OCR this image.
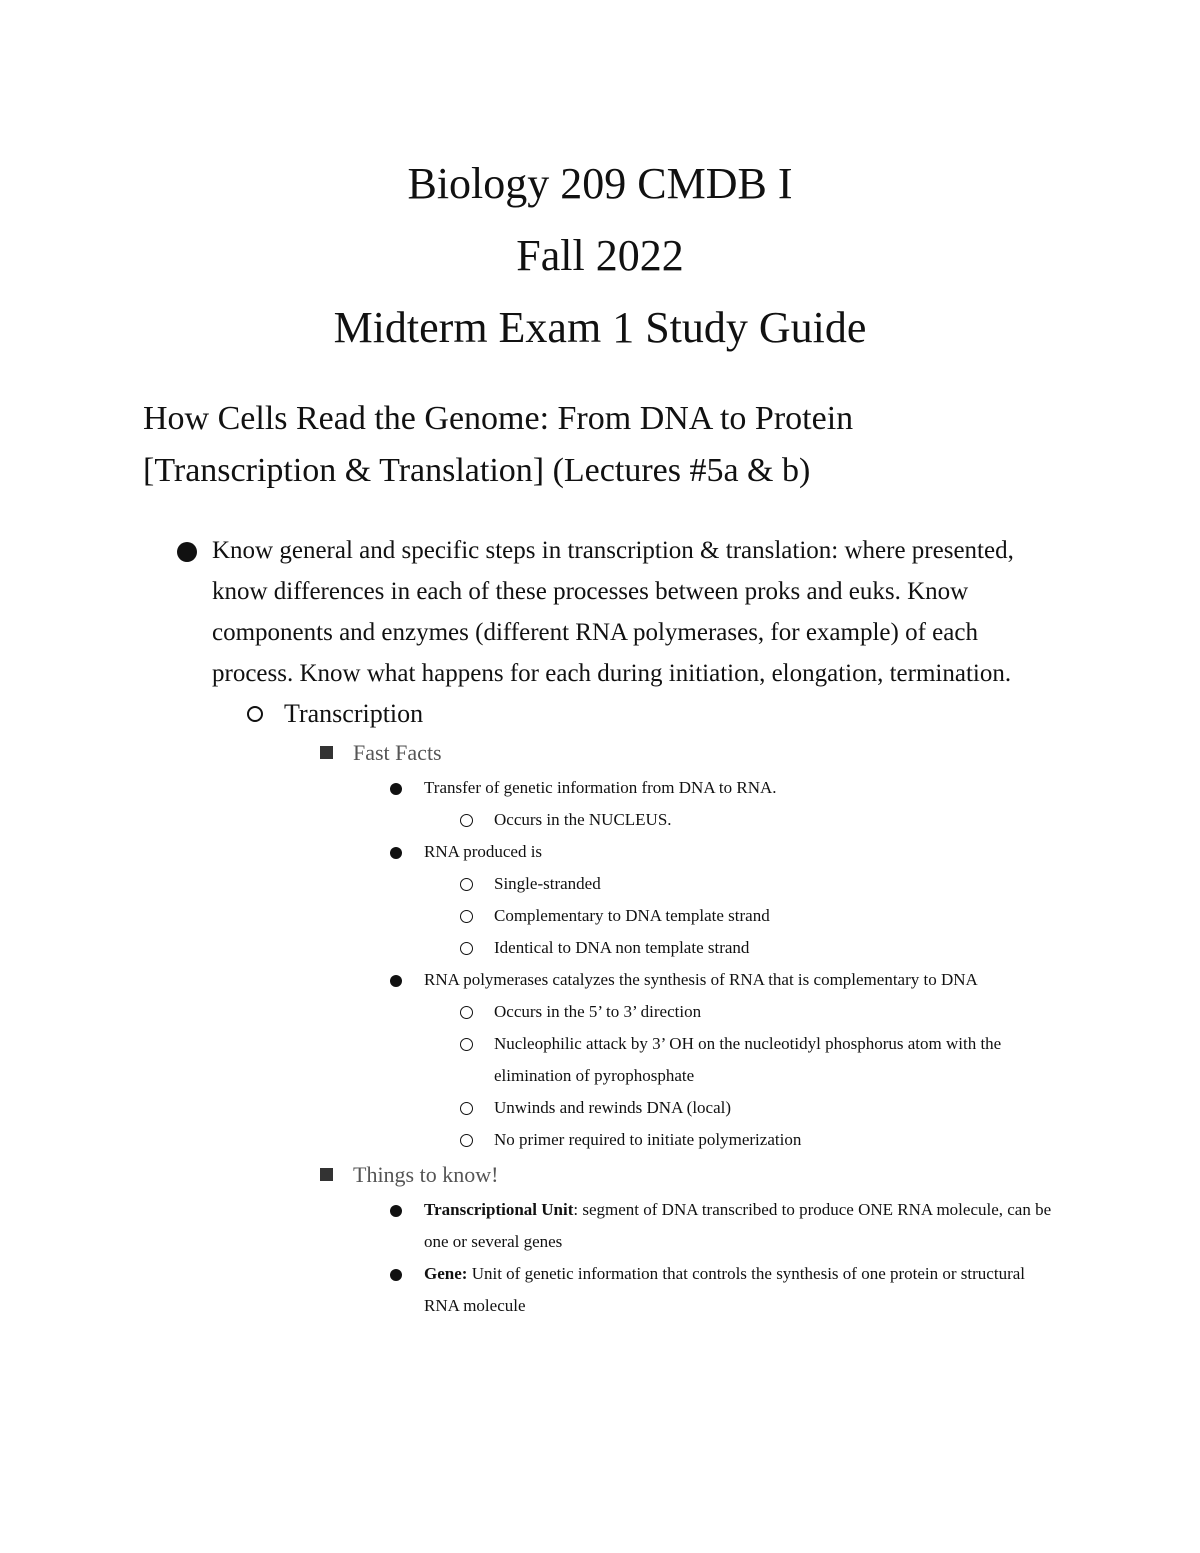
Biology 209 CMDB I

Fall 2022

Midterm Exam 1 Study Guide

How Cells Read the Genome: From DNA to Protein
[Transcription & Translation] (Lectures #5a & b)
Know general and specific steps in transcription & translation: where presented, know differences in each of these processes between proks and euks. Know components and enzymes (different RNA polymerases, for example) of each process. Know what happens for each during initiation, elongation, termination.
Transcription
Fast Facts
Transfer of genetic information from DNA to RNA.
Occurs in the NUCLEUS.
RNA produced is
Single-stranded
Complementary to DNA template strand
Identical to DNA non template strand
RNA polymerases catalyzes the synthesis of RNA that is complementary to DNA
Occurs in the 5’ to 3’ direction
Nucleophilic attack by 3’ OH on the nucleotidyl phosphorus atom with the elimination of pyrophosphate
Unwinds and rewinds DNA (local)
No primer required to initiate polymerization
Things to know!
Transcriptional Unit: segment of DNA transcribed to produce ONE RNA molecule, can be one or several genes
Gene: Unit of genetic information that controls the synthesis of one protein or structural RNA molecule
